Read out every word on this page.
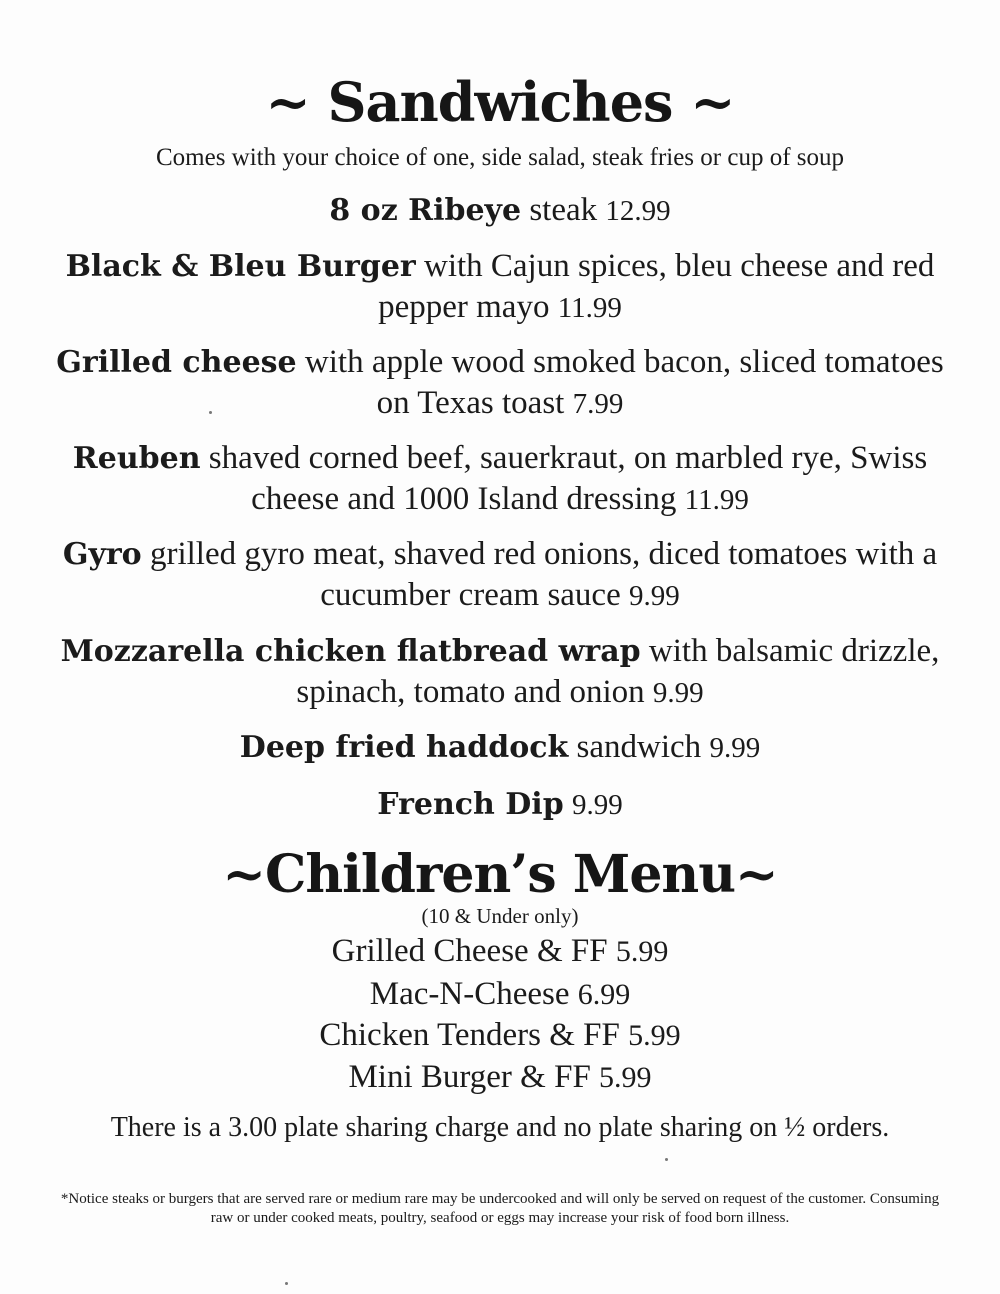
~ Sandwiches ~
Comes with your choice of one, side salad, steak fries or cup of soup
8 oz Ribeye steak 12.99
Black & Bleu Burger with Cajun spices, bleu cheese and red pepper mayo 11.99
Grilled cheese with apple wood smoked bacon, sliced tomatoes on Texas toast 7.99
Reuben shaved corned beef, sauerkraut, on marbled rye, Swiss cheese and 1000 Island dressing 11.99
Gyro grilled gyro meat, shaved red onions, diced tomatoes with a cucumber cream sauce 9.99
Mozzarella chicken flatbread wrap with balsamic drizzle, spinach, tomato and onion 9.99
Deep fried haddock sandwich 9.99
French Dip 9.99
~Children’s Menu~
(10 & Under only)
Grilled Cheese & FF 5.99
Mac-N-Cheese 6.99
Chicken Tenders & FF 5.99
Mini Burger & FF 5.99
There is a 3.00 plate sharing charge and no plate sharing on ½ orders.
*Notice steaks or burgers that are served rare or medium rare may be undercooked and will only be served on request of the customer. Consuming raw or under cooked meats, poultry, seafood or eggs may increase your risk of food born illness.
